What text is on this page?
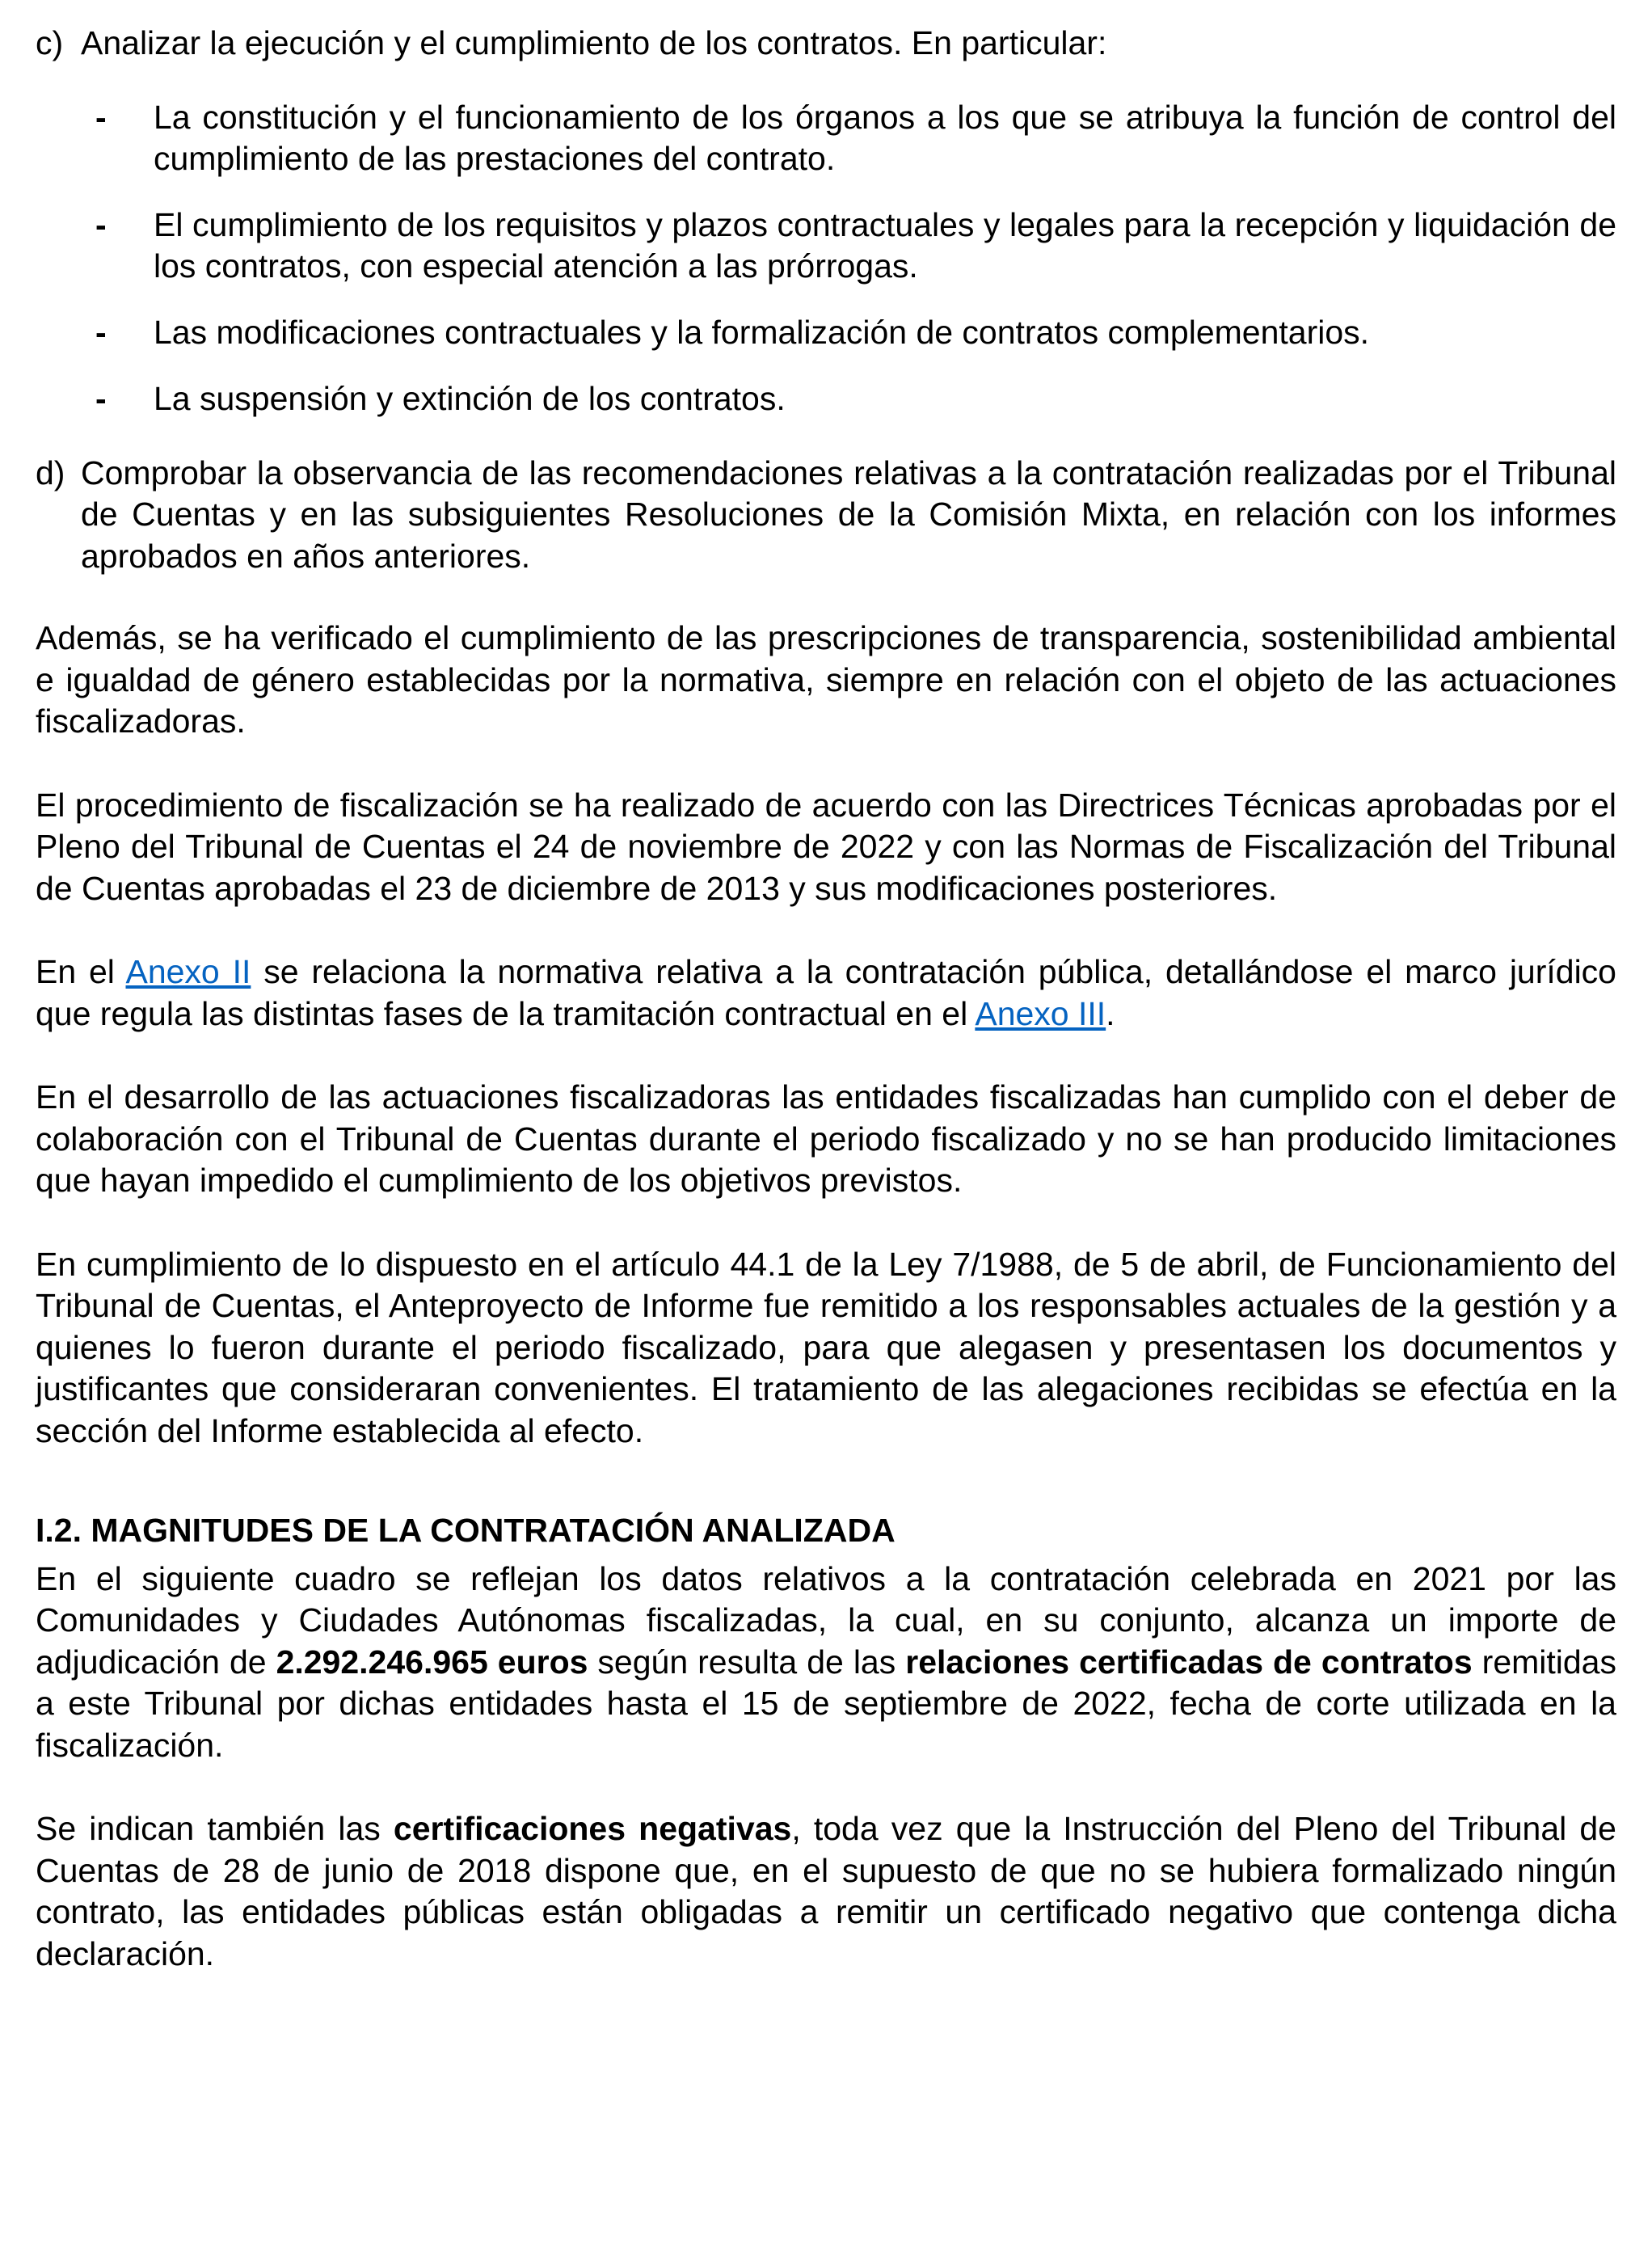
c) Analizar la ejecución y el cumplimiento de los contratos. En particular:
- La constitución y el funcionamiento de los órganos a los que se atribuya la función de control del cumplimiento de las prestaciones del contrato.
- El cumplimiento de los requisitos y plazos contractuales y legales para la recepción y liquidación de los contratos, con especial atención a las prórrogas.
- Las modificaciones contractuales y la formalización de contratos complementarios.
- La suspensión y extinción de los contratos.
d) Comprobar la observancia de las recomendaciones relativas a la contratación realizadas por el Tribunal de Cuentas y en las subsiguientes Resoluciones de la Comisión Mixta, en relación con los informes aprobados en años anteriores.

Además, se ha verificado el cumplimiento de las prescripciones de transparencia, sostenibilidad ambiental e igualdad de género establecidas por la normativa, siempre en relación con el objeto de las actuaciones fiscalizadoras.

El procedimiento de fiscalización se ha realizado de acuerdo con las Directrices Técnicas aprobadas por el Pleno del Tribunal de Cuentas el 24 de noviembre de 2022 y con las Normas de Fiscalización del Tribunal de Cuentas aprobadas el 23 de diciembre de 2013 y sus modificaciones posteriores.

En el Anexo II se relaciona la normativa relativa a la contratación pública, detallándose el marco jurídico que regula las distintas fases de la tramitación contractual en el Anexo III.

En el desarrollo de las actuaciones fiscalizadoras las entidades fiscalizadas han cumplido con el deber de colaboración con el Tribunal de Cuentas durante el periodo fiscalizado y no se han producido limitaciones que hayan impedido el cumplimiento de los objetivos previstos.

En cumplimiento de lo dispuesto en el artículo 44.1 de la Ley 7/1988, de 5 de abril, de Funcionamiento del Tribunal de Cuentas, el Anteproyecto de Informe fue remitido a los responsables actuales de la gestión y a quienes lo fueron durante el periodo fiscalizado, para que alegasen y presentasen los documentos y justificantes que consideraran convenientes. El tratamiento de las alegaciones recibidas se efectúa en la sección del Informe establecida al efecto.

I.2. MAGNITUDES DE LA CONTRATACIÓN ANALIZADA

En el siguiente cuadro se reflejan los datos relativos a la contratación celebrada en 2021 por las Comunidades y Ciudades Autónomas fiscalizadas, la cual, en su conjunto, alcanza un importe de adjudicación de 2.292.246.965 euros según resulta de las relaciones certificadas de contratos remitidas a este Tribunal por dichas entidades hasta el 15 de septiembre de 2022, fecha de corte utilizada en la fiscalización.

Se indican también las certificaciones negativas, toda vez que la Instrucción del Pleno del Tribunal de Cuentas de 28 de junio de 2018 dispone que, en el supuesto de que no se hubiera formalizado ningún contrato, las entidades públicas están obligadas a remitir un certificado negativo que contenga dicha declaración.
